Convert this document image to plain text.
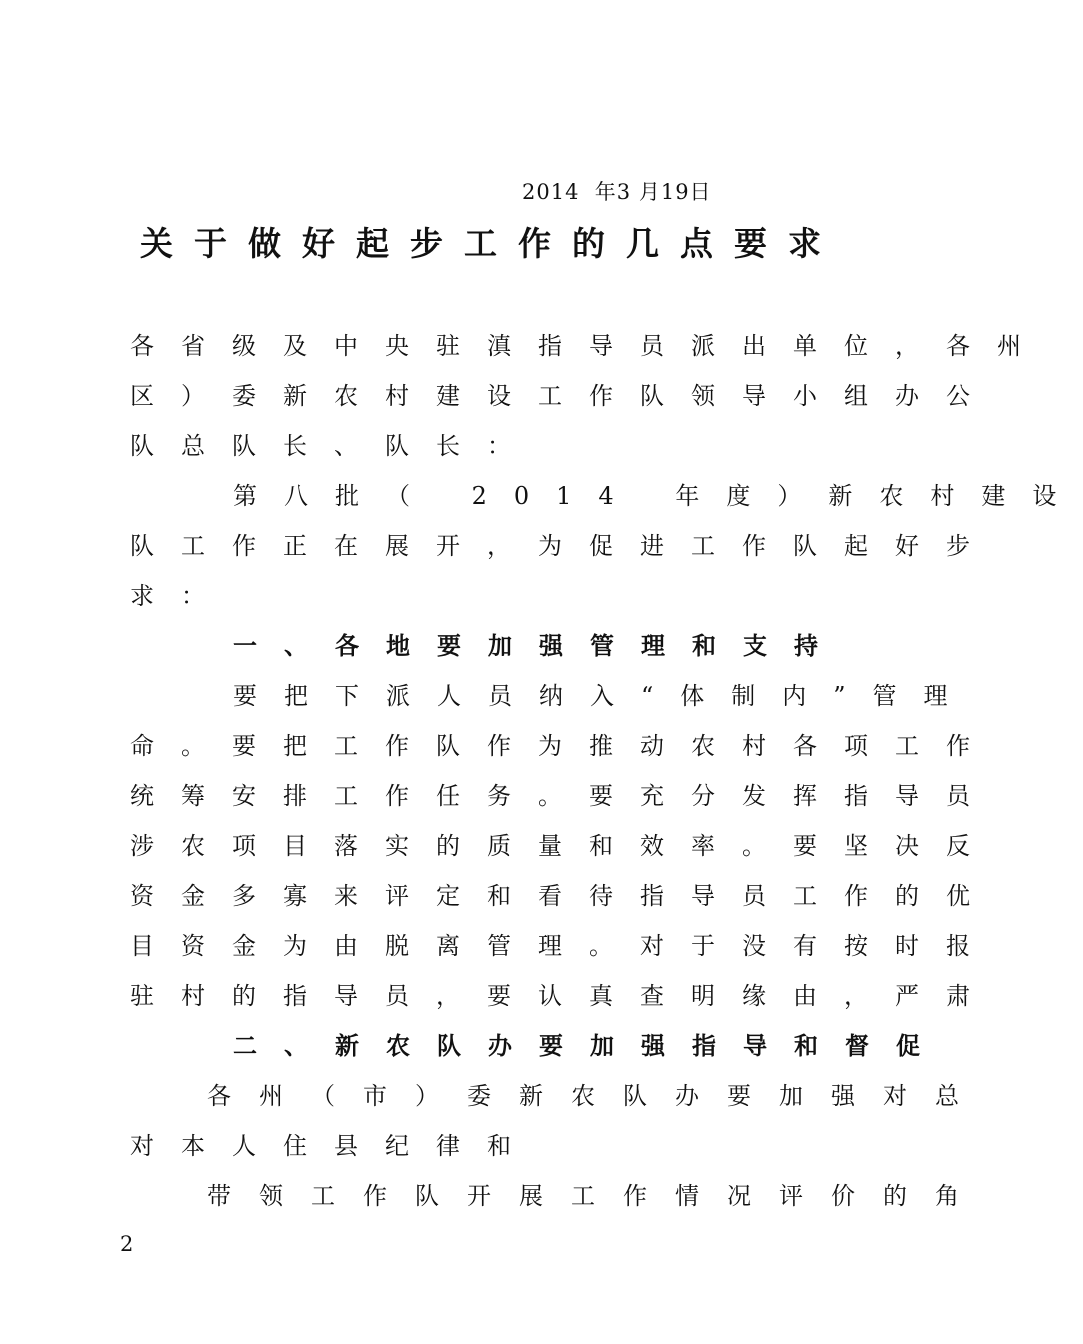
2014  年3 月19日
关于做好起步工作的几点要求
各省级及中央驻滇指导员派出单位，各州
区）委新农村建设工作队领导小组办公
队总队长、队长：
第八批（ 2014 年度）新农村建设
队工作正在展开，为促进工作队起好步
求：
一、各地要加强管理和支持
要把下派人员纳入“体制内”管理
命。要把工作队作为推动农村各项工作
统筹安排工作任务。要充分发挥指导员
涉农项目落实的质量和效率。要坚决反
资金多寡来评定和看待指导员工作的优
目资金为由脱离管理。对于没有按时报
驻村的指导员，要认真查明缘由，严肃
二、新农队办要加强指导和督促
各州（市）委新农队办要加强对总
对本人住县纪律和
带领工作队开展工作情况评价的角
2
